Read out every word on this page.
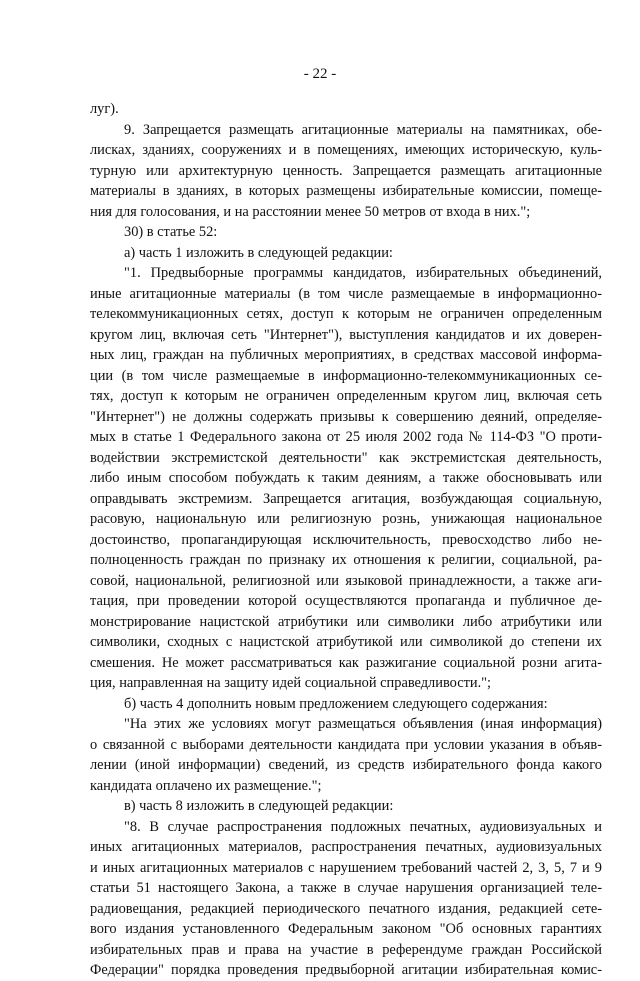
- 22 -
луг).
9. Запрещается размещать агитационные материалы на памятниках, обе-
лисках, зданиях, сооружениях и в помещениях, имеющих историческую, куль-
турную или архитектурную ценность. Запрещается размещать агитационные
материалы в зданиях, в которых размещены избирательные комиссии, помеще-
ния для голосования, и на расстоянии менее 50 метров от входа в них.";
30) в статье 52:
а) часть 1 изложить в следующей редакции:
"1. Предвыборные программы кандидатов, избирательных объединений,
иные агитационные материалы (в том числе размещаемые в информационно-
телекоммуникационных сетях, доступ к которым не ограничен определенным
кругом лиц, включая сеть "Интернет"), выступления кандидатов и их доверен-
ных лиц, граждан на публичных мероприятиях, в средствах массовой информа-
ции (в том числе размещаемые в информационно-телекоммуникационных се-
тях, доступ к которым не ограничен определенным кругом лиц, включая сеть
"Интернет") не должны содержать призывы к совершению деяний, определяе-
мых в статье 1 Федерального закона от 25 июля 2002 года № 114-ФЗ "О проти-
водействии экстремистской деятельности" как экстремистская деятельность,
либо иным способом побуждать к таким деяниям, а также обосновывать или
оправдывать экстремизм. Запрещается агитация, возбуждающая социальную,
расовую, национальную или религиозную рознь, унижающая национальное
достоинство, пропагандирующая исключительность, превосходство либо не-
полноценность граждан по признаку их отношения к религии, социальной, ра-
совой, национальной, религиозной или языковой принадлежности, а также аги-
тация, при проведении которой осуществляются пропаганда и публичное де-
монстрирование нацистской атрибутики или символики либо атрибутики или
символики, сходных с нацистской атрибутикой или символикой до степени их
смешения. Не может рассматриваться как разжигание социальной розни агита-
ция, направленная на защиту идей социальной справедливости.";
б) часть 4 дополнить новым предложением следующего содержания:
"На этих же условиях могут размещаться объявления (иная информация)
о связанной с выборами деятельности кандидата при условии указания в объяв-
лении (иной информации) сведений, из средств избирательного фонда какого
кандидата оплачено их размещение.";
в) часть 8 изложить в следующей редакции:
"8. В случае распространения подложных печатных, аудиовизуальных и
иных агитационных материалов, распространения печатных, аудиовизуальных
и иных агитационных материалов с нарушением требований частей 2, 3, 5, 7 и 9
статьи 51 настоящего Закона, а также в случае нарушения организацией теле-
радиовещания, редакцией периодического печатного издания, редакцией сете-
вого издания установленного Федеральным законом "Об основных гарантиях
избирательных прав и права на участие в референдуме граждан Российской
Федерации" порядка проведения предвыборной агитации избирательная комис-
